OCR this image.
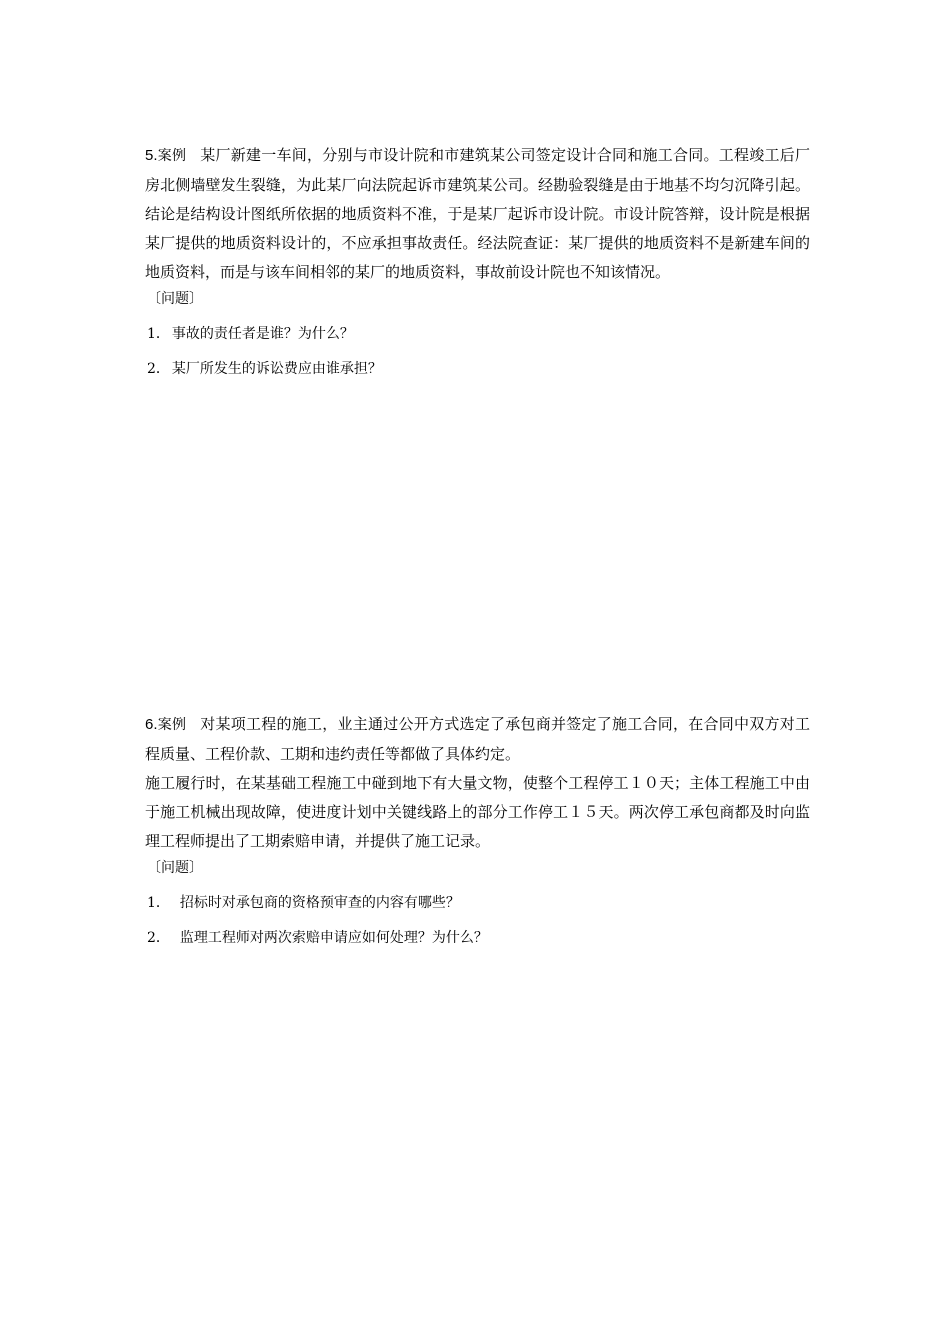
5.案例 某厂新建一车间，分别与市设计院和市建筑某公司签定设计合同和施工合同。工程竣工后厂房北侧墙壁发生裂缝，为此某厂向法院起诉市建筑某公司。经勘验裂缝是由于地基不均匀沉降引起。结论是结构设计图纸所依据的地质资料不准，于是某厂起诉市设计院。市设计院答辩，设计院是根据某厂提供的地质资料设计的，不应承担事故责任。经法院查证：某厂提供的地质资料不是新建车间的地质资料，而是与该车间相邻的某厂的地质资料，事故前设计院也不知该情况。

〔问题〕
1． 事故的责任者是谁？为什么？
2． 某厂所发生的诉讼费应由谁承担？

6.案例 对某项工程的施工，业主通过公开方式选定了承包商并签定了施工合同，在合同中双方对工程质量、工程价款、工期和违约责任等都做了具体约定。

施工履行时，在某基础工程施工中碰到地下有大量文物，使整个工程停工１０天；主体工程施工中由于施工机械出现故障，使进度计划中关键线路上的部分工作停工１５天。两次停工承包商都及时向监理工程师提出了工期索赔申请，并提供了施工记录。

〔问题〕
1． 招标时对承包商的资格预审查的内容有哪些？
2． 监理工程师对两次索赔申请应如何处理？为什么？
